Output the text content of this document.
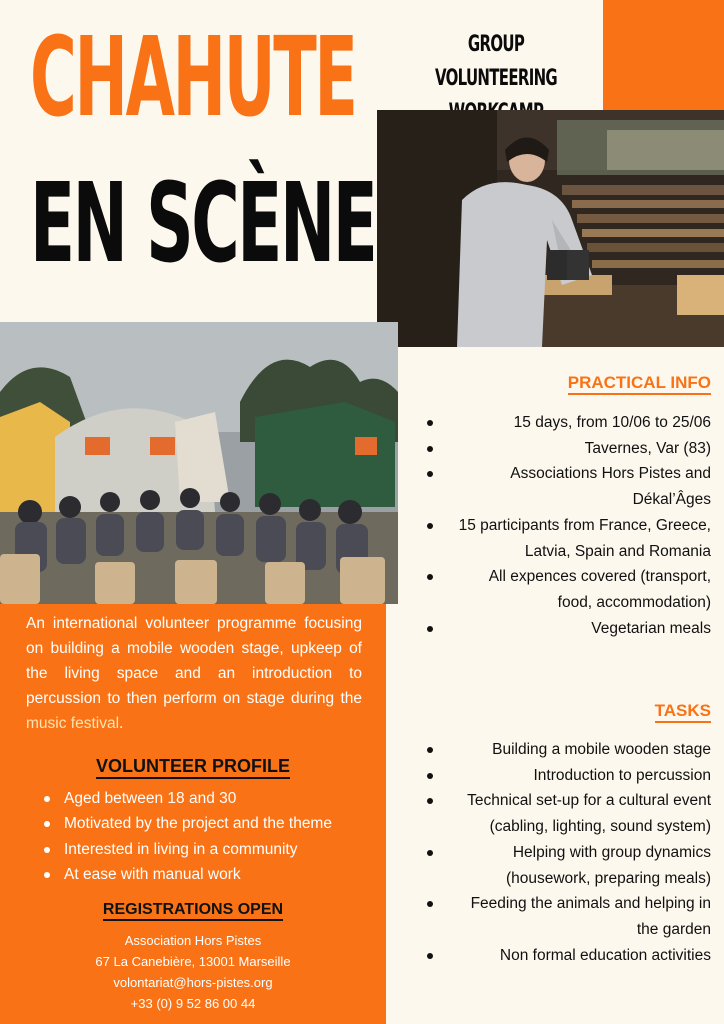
CHAHUTE
EN SCÈNE
GROUP VOLUNTEERING

An international volunteer programme focusing on building a mobile wooden stage, upkeep of the living space and an introduction to percussion to then perform on stage during the music festival.

VOLUNTEER PROFILE
Aged between 18 and 30
Motivated by the project and the theme
Interested in living in a community
At ease with manual work
REGISTRATIONS OPEN
Association Hors Pistes
67 La Canebière, 13001 Marseille
volontariat@hors-pistes.org
+33 (0) 9 52 86 00 44
PRACTICAL INFO
15 days, from 10/06 to 25/06
Tavernes, Var (83)
Associations Hors Pistes and Dékal’Âges
15 participants from France, Greece, Latvia, Spain and Romania
All expences covered (transport, food, accommodation)
Vegetarian meals
TASKS
Building a mobile wooden stage
Introduction to percussion
Technical set-up for a cultural event (cabling, lighting, sound system)
Helping with group dynamics (housework, preparing meals)
Feeding the animals and helping in the garden
Non formal education activities
